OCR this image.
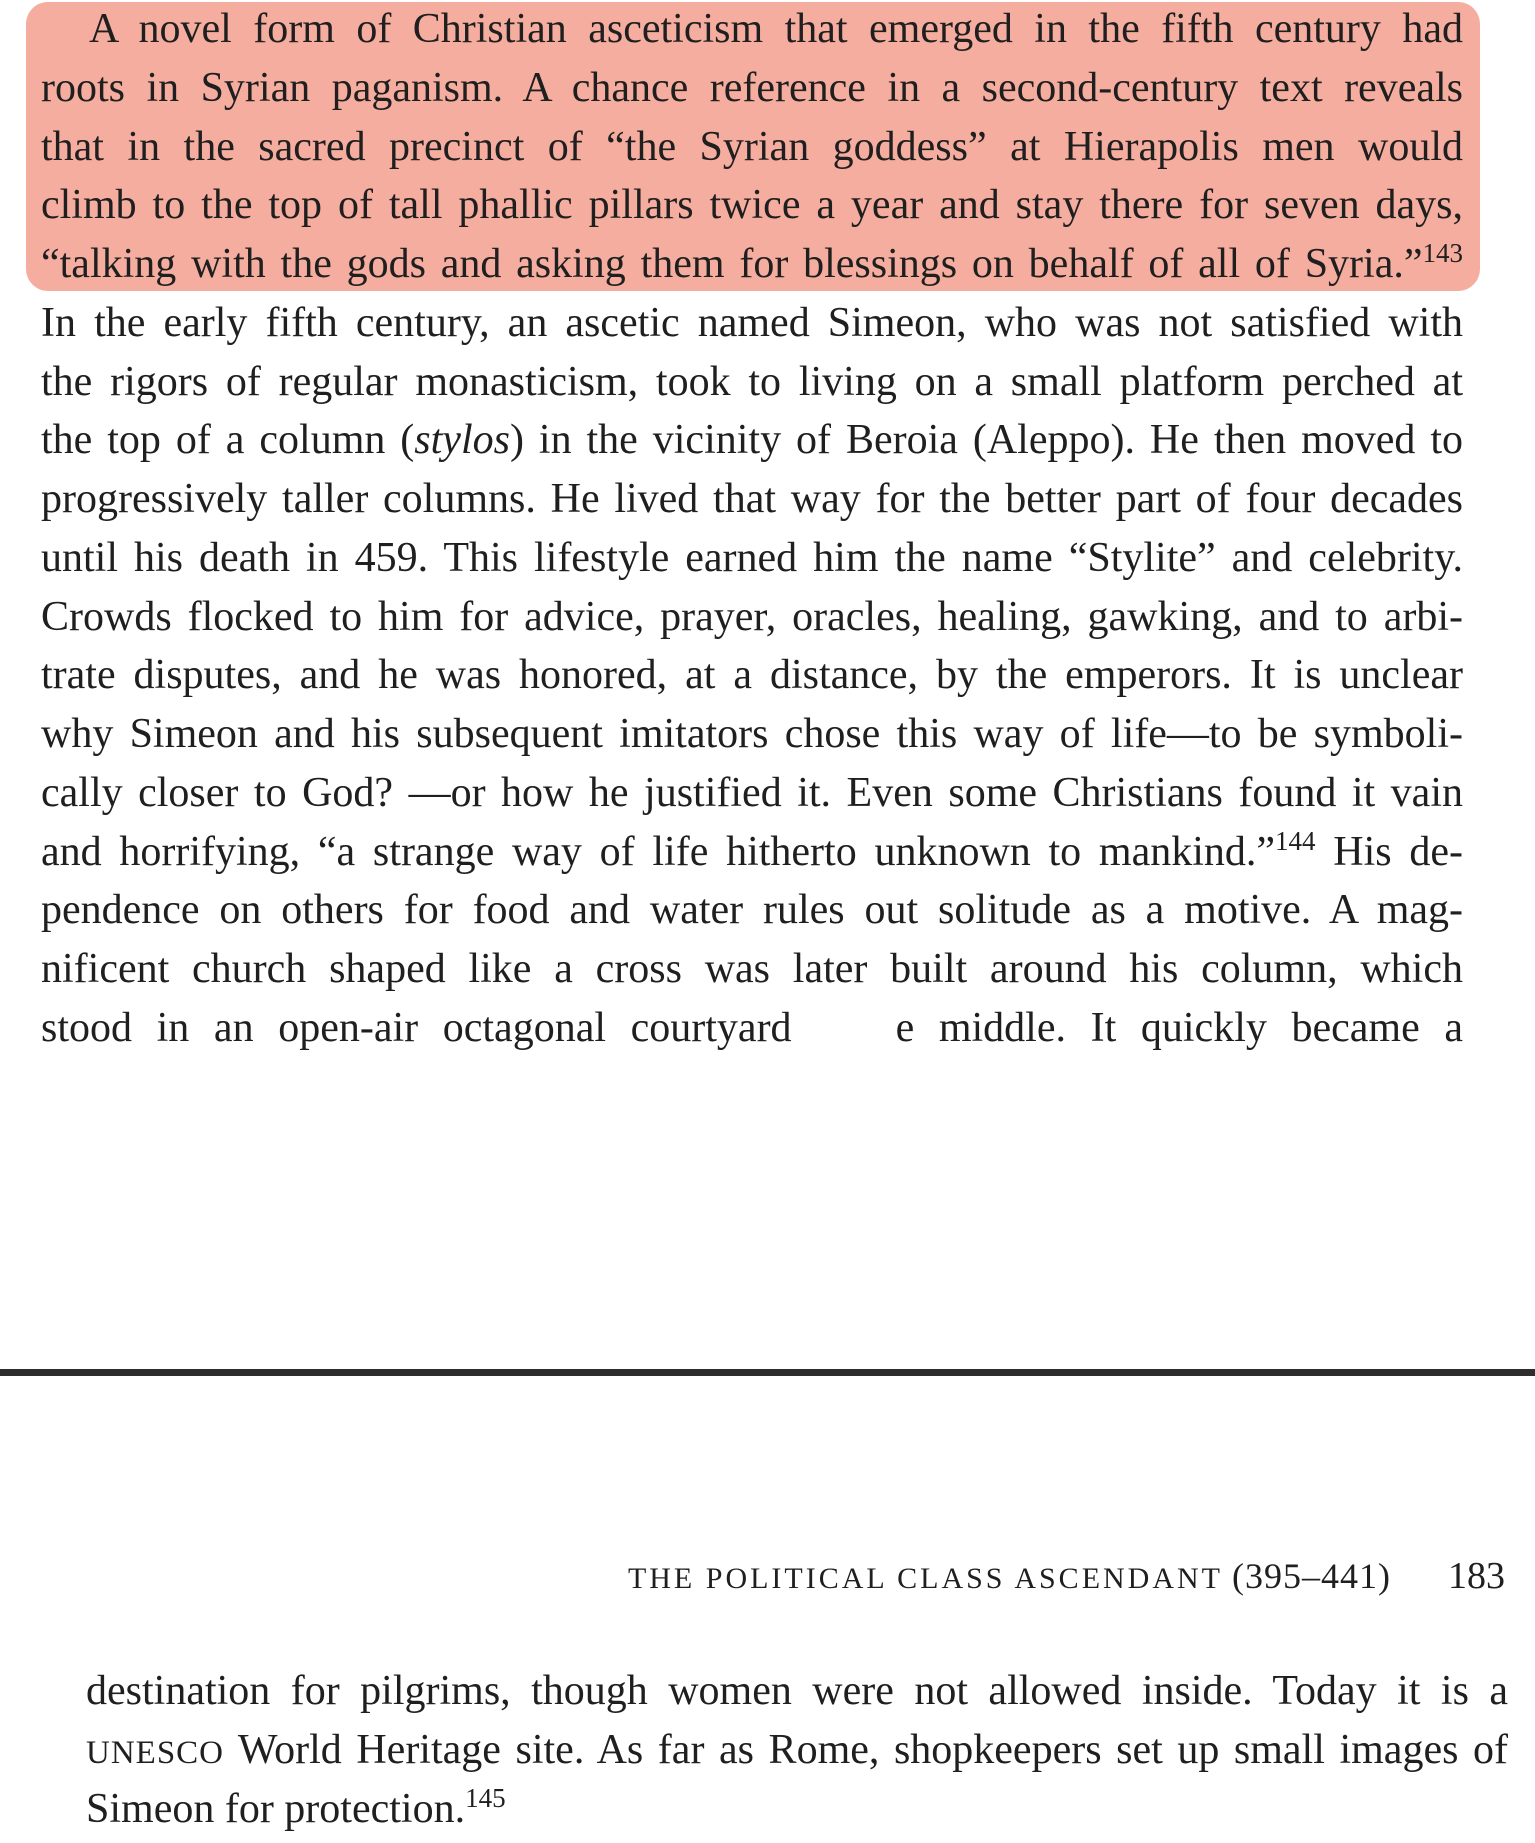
A novel form of Christian asceticism that emerged in the fifth century had
roots in Syrian paganism. A chance reference in a second-century text reveals
that in the sacred precinct of “the Syrian goddess” at Hierapolis men would
climb to the top of tall phallic pillars twice a year and stay there for seven days,
“talking with the gods and asking them for blessings on behalf of all of Syria.”$^{143}$
In the early fifth century, an ascetic named Simeon, who was not satisfied with
the rigors of regular monasticism, took to living on a small platform perched at
the top of a column (stylos) in the vicinity of Beroia (Aleppo). He then moved to
progressively taller columns. He lived that way for the better part of four decades
until his death in 459. This lifestyle earned him the name “Stylite” and celebrity.
Crowds flocked to him for advice, prayer, oracles, healing, gawking, and to arbi-
trate disputes, and he was honored, at a distance, by the emperors. It is unclear
why Simeon and his subsequent imitators chose this way of life—to be symboli-
cally closer to God? —or how he justified it. Even some Christians found it vain
and horrifying, “a strange way of life hitherto unknown to mankind.”$^{144}$ His de-
pendence on others for food and water rules out solitude as a motive. A mag-
nificent church shaped like a cross was later built around his column, which
stood in an open-air octagonal courtyard e middle. It quickly became a
THE POLITICAL CLASS ASCENDANT (395–441) 183
destination for pilgrims, though women were not allowed inside. Today it is a
UNESCO World Heritage site. As far as Rome, shopkeepers set up small images of
Simeon for protection.$^{145}$
